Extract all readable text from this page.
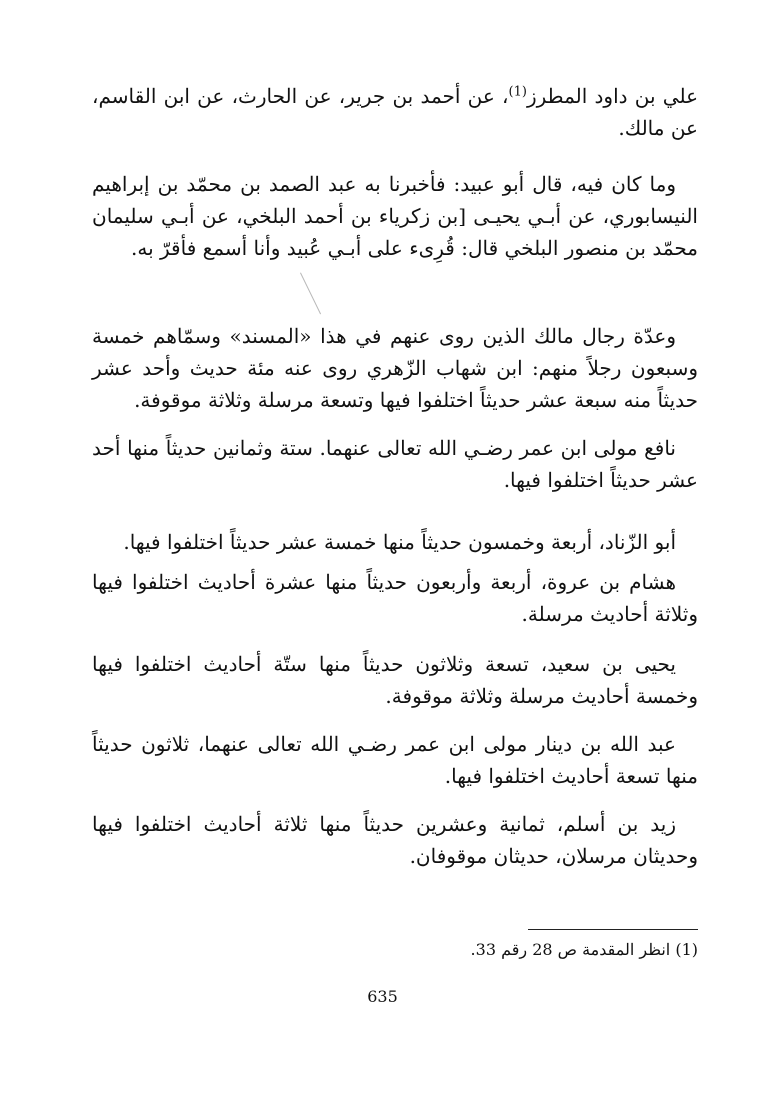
علي بن داود المطرز$^{(1)}$، عن أحمد بن جرير، عن الحارث، عن ابن القاسم، عن مالك.

وما كان فيه، قال أبو عبيد: فأخبرنا به عبد الصمد بن محمّد بن إبراهيم النيسابوري، عن أبـي يحيـى [بن زكرياء بن أحمد البلخي، عن أبـي سليمان محمّد بن منصور البلخي قال: قُرِىء على أبـي عُبيد وأنا أسمع فأقرّ به.

وعدّة رجال مالك الذين روى عنهم في هذا «المسند» وسمّاهم خمسة وسبعون رجلاً منهم: ابن شهاب الزّهري روى عنه مئة حديث وأحد عشر حديثاً منه سبعة عشر حديثاً اختلفوا فيها وتسعة مرسلة وثلاثة موقوفة.

نافع مولى ابن عمر رضـي الله تعالى عنهما. ستة وثمانين حديثاً منها أحد عشر حديثاً اختلفوا فيها.

أبو الزّناد، أربعة وخمسون حديثاً منها خمسة عشر حديثاً اختلفوا فيها.

هشام بن عروة، أربعة وأربعون حديثاً منها عشرة أحاديث اختلفوا فيها وثلاثة أحاديث مرسلة.

يحيى بن سعيد، تسعة وثلاثون حديثاً منها ستّة أحاديث اختلفوا فيها وخمسة أحاديث مرسلة وثلاثة موقوفة.

عبد الله بن دينار مولى ابن عمر رضـي الله تعالى عنهما، ثلاثون حديثاً منها تسعة أحاديث اختلفوا فيها.

زيد بن أسلم، ثمانية وعشرين حديثاً منها ثلاثة أحاديث اختلفوا فيها وحديثان مرسلان، حديثان موقوفان.

(1) انظر المقدمة ص 28 رقم 33.
635
